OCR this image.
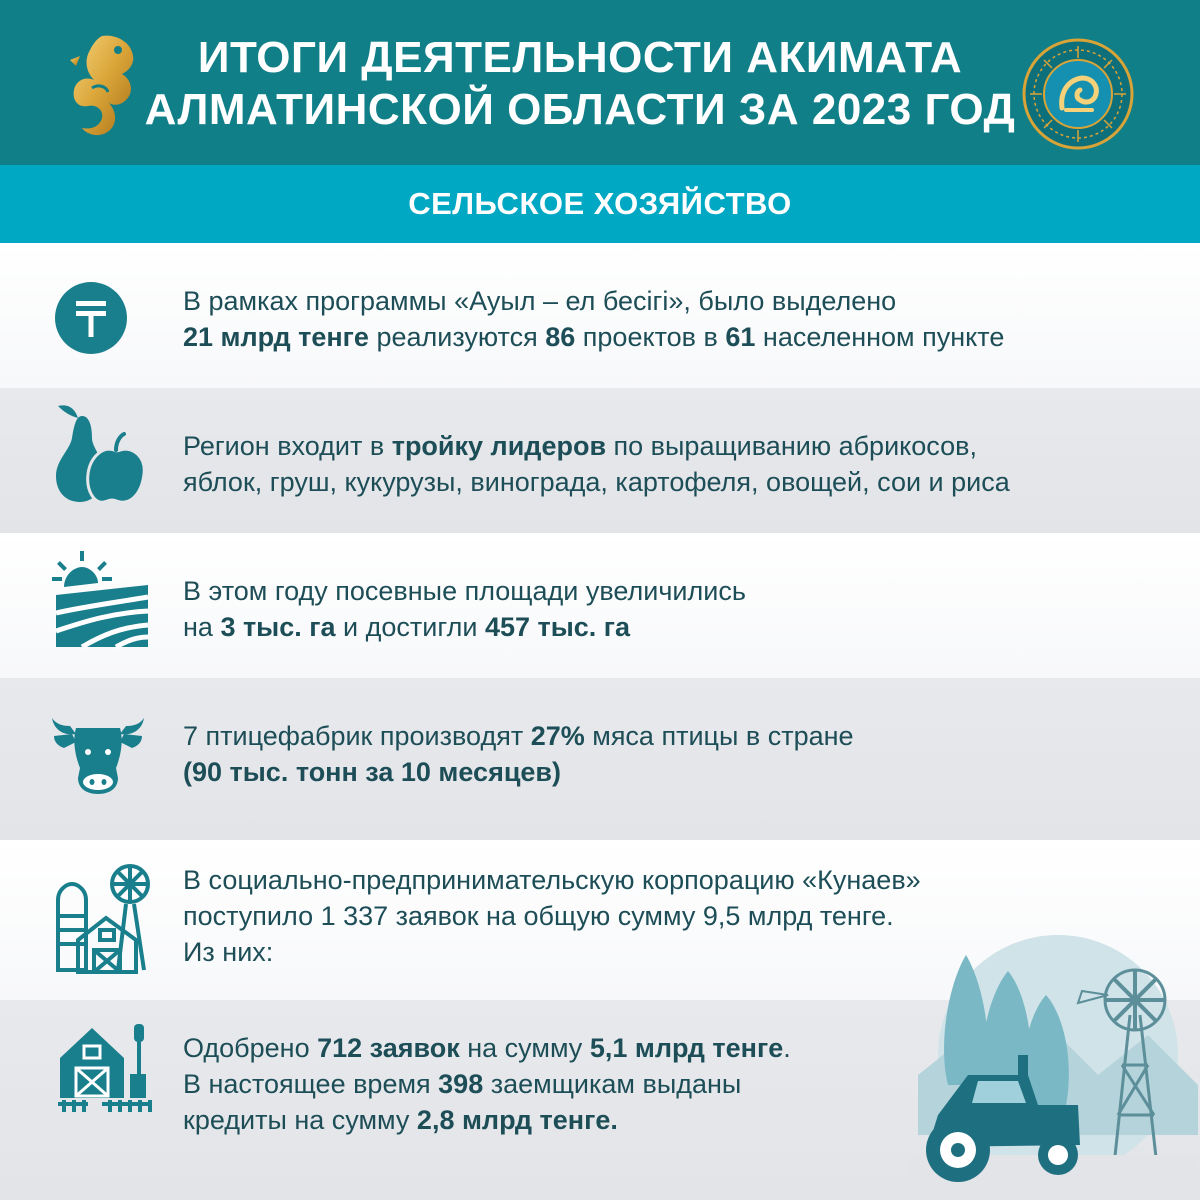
ИТОГИ ДЕЯТЕЛЬНОСТИ АКИМАТА
АЛМАТИНСКОЙ ОБЛАСТИ ЗА 2023 ГОД
СЕЛЬСКОЕ ХОЗЯЙСТВО
В рамках программы «Ауыл – ел бесігі», было выделено
21 млрд тенге реализуются 86 проектов в 61 населенном пункте
Регион входит в тройку лидеров по выращиванию абрикосов,
яблок, груш, кукурузы, винограда, картофеля, овощей, сои и риса
В этом году посевные площади увеличились
на 3 тыс. га и достигли 457 тыс. га
7 птицефабрик производят 27% мяса птицы в стране
(90 тыс. тонн за 10 месяцев)
В социально-предпринимательскую корпорацию «Кунаев»
поступило 1 337 заявок на общую сумму 9,5 млрд тенге.
Из них:
Одобрено 712 заявок на сумму 5,1 млрд тенге.
В настоящее время 398 заемщикам выданы
кредиты на сумму 2,8 млрд тенге.
